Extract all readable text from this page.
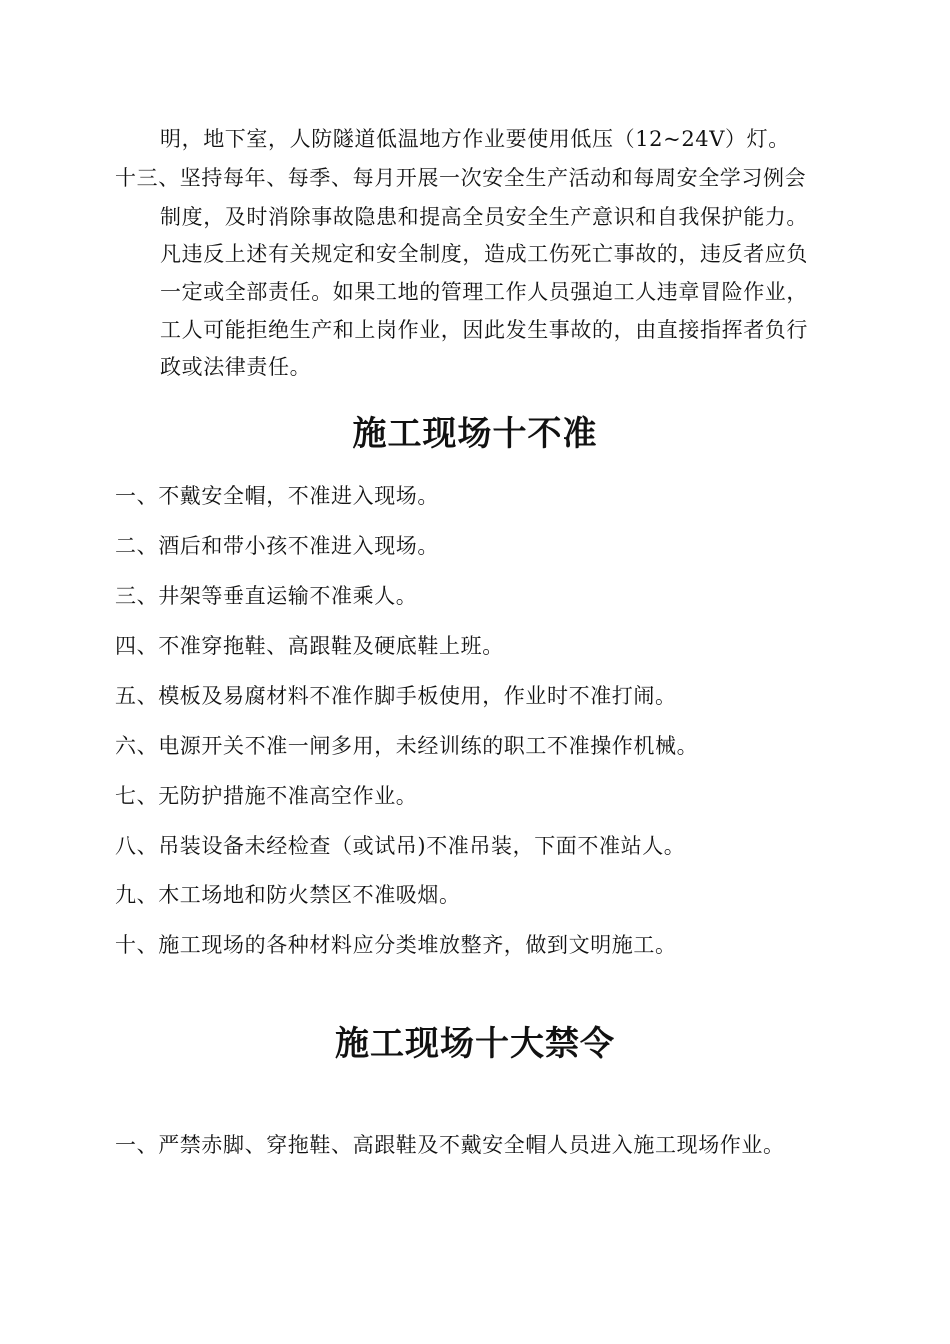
明，地下室，人防隧道低温地方作业要使用低压（12~24V）灯。
十三、坚持每年、每季、每月开展一次安全生产活动和每周安全学习例会
制度，及时消除事故隐患和提高全员安全生产意识和自我保护能力。
凡违反上述有关规定和安全制度，造成工伤死亡事故的，违反者应负
一定或全部责任。如果工地的管理工作人员强迫工人违章冒险作业，
工人可能拒绝生产和上岗作业，因此发生事故的，由直接指挥者负行
政或法律责任。
施工现场十不准
一、不戴安全帽，不准进入现场。
二、酒后和带小孩不准进入现场。
三、井架等垂直运输不准乘人。
四、不准穿拖鞋、高跟鞋及硬底鞋上班。
五、模板及易腐材料不准作脚手板使用，作业时不准打闹。
六、电源开关不准一闸多用，未经训练的职工不准操作机械。
七、无防护措施不准高空作业。
八、吊装设备未经检查（或试吊)不准吊装，下面不准站人。
九、木工场地和防火禁区不准吸烟。
十、施工现场的各种材料应分类堆放整齐，做到文明施工。
施工现场十大禁令
一、严禁赤脚、穿拖鞋、高跟鞋及不戴安全帽人员进入施工现场作业。
